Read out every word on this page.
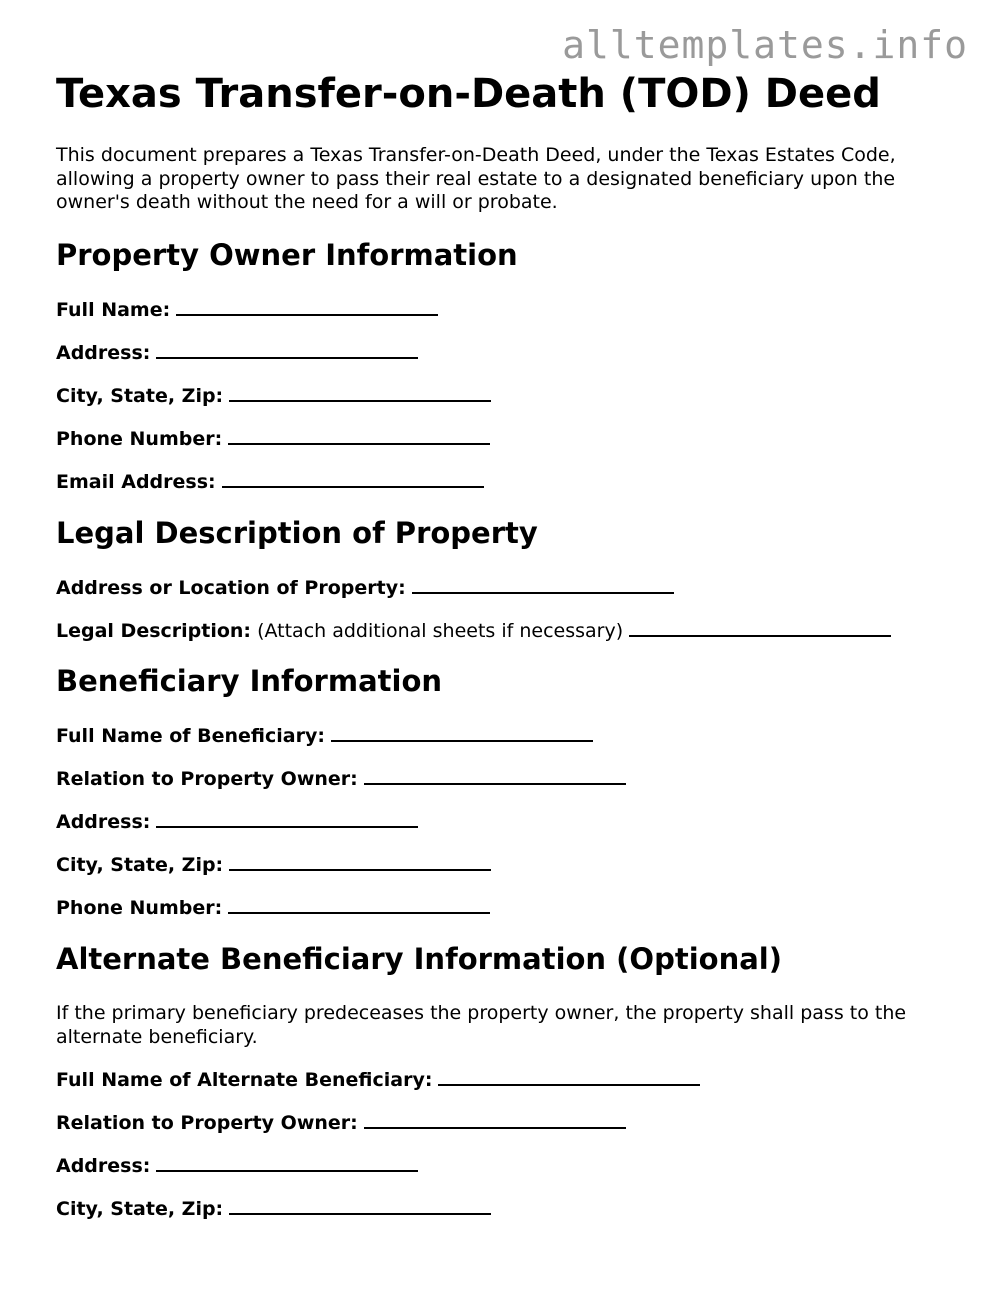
alltemplates.info
Texas Transfer-on-Death (TOD) Deed

This document prepares a Texas Transfer-on-Death Deed, under the Texas Estates Code, allowing a property owner to pass their real estate to a designated beneficiary upon the owner's death without the need for a will or probate.

Property Owner Information
Full Name:
Address:
City, State, Zip:
Phone Number:
Email Address:
Legal Description of Property
Address or Location of Property:
Legal Description: (Attach additional sheets if necessary)
Beneficiary Information
Full Name of Beneficiary:
Relation to Property Owner:
Address:
City, State, Zip:
Phone Number:
Alternate Beneficiary Information (Optional)

If the primary beneficiary predeceases the property owner, the property shall pass to the alternate beneficiary.

Full Name of Alternate Beneficiary:
Relation to Property Owner:
Address:
City, State, Zip:
